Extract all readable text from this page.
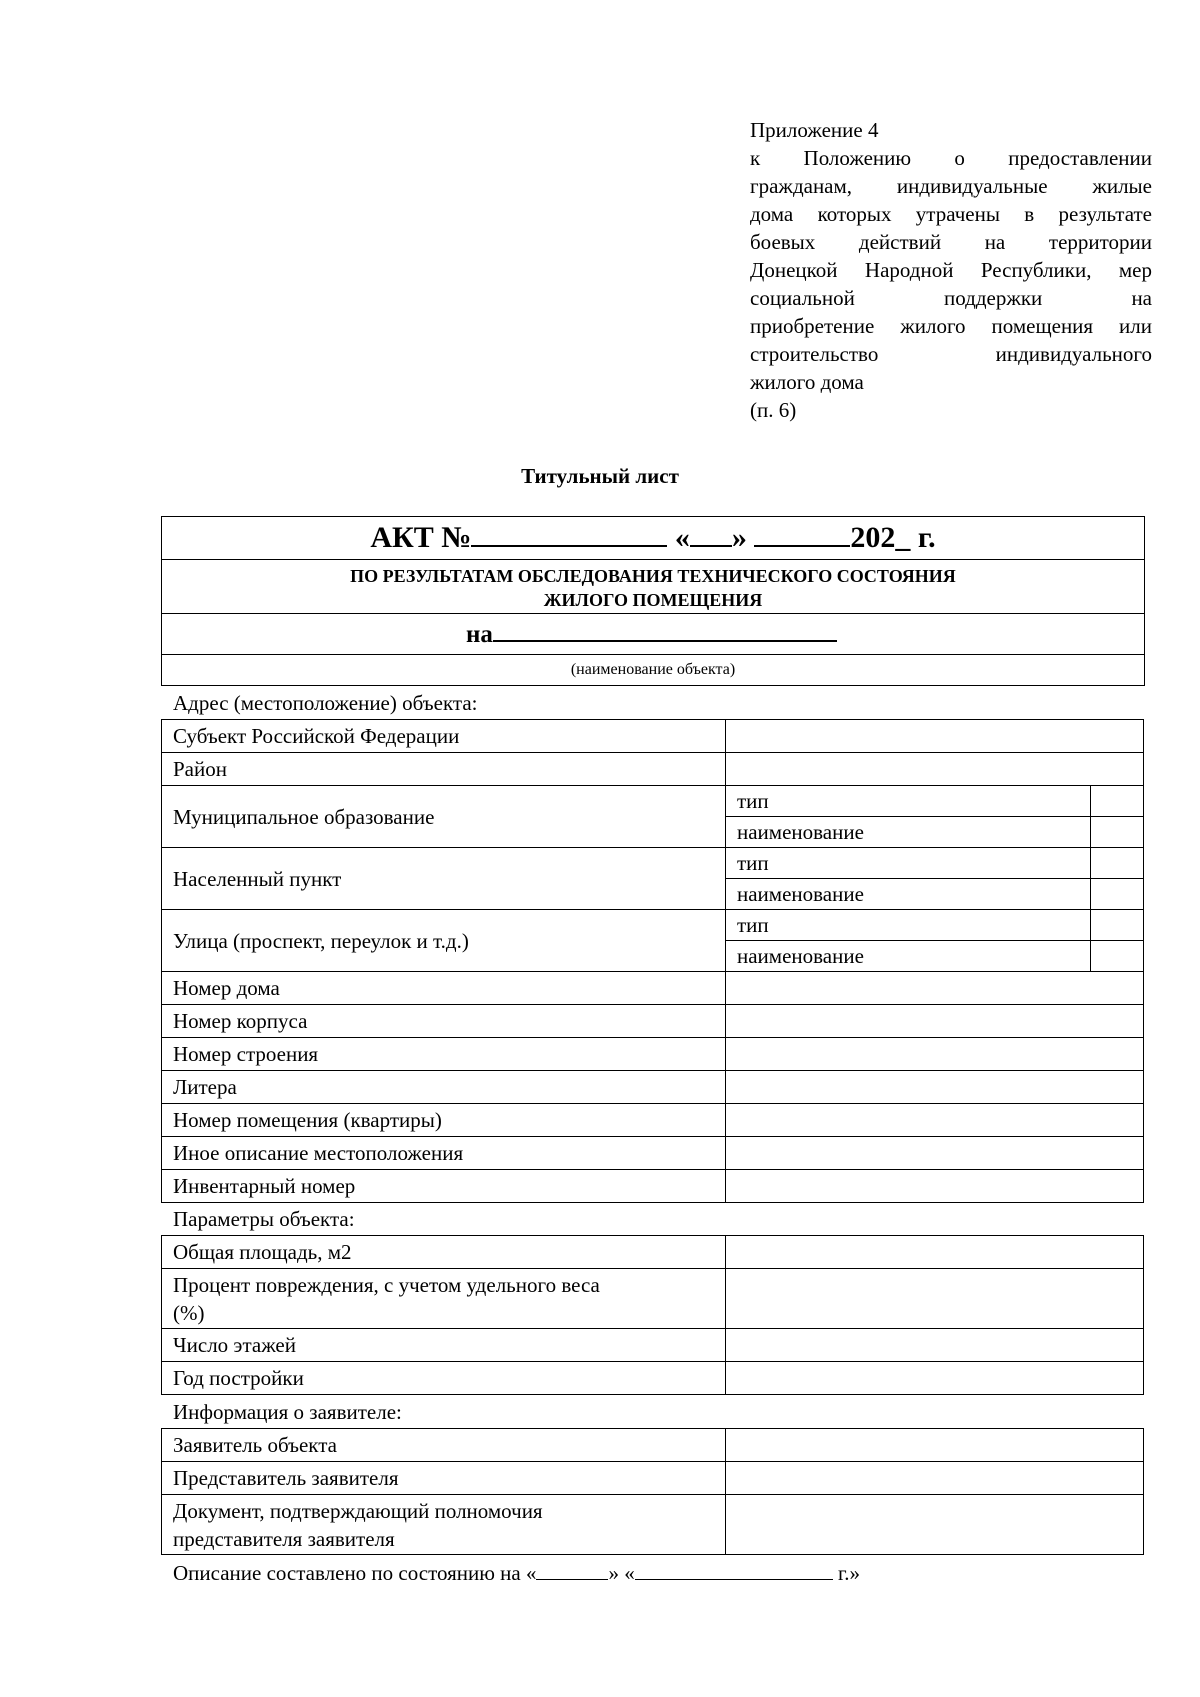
Приложение 4
к Положению о предоставлении
гражданам, индивидуальные жилые
дома которых утрачены в результате
боевых действий на территории
Донецкой Народной Республики, мер
социальной поддержки на
приобретение жилого помещения или
строительство индивидуального
жилого дома
(п. 6)
Титульный лист
АКТ №	« »	202_ г.
ПО РЕЗУЛЬТАТАМ ОБСЛЕДОВАНИЯ ТЕХНИЧЕСКОГО СОСТОЯНИЯ
ЖИЛОГО ПОМЕЩЕНИЯ
на
(наименование объекта)
Адрес (местоположение) объекта:
Субъект Российской Федерации		
Район		
Муниципальное образование	тип	
	наименование	
Населенный пункт	тип	
	наименование	
Улица (проспект, переулок и т.д.)	тип	
	наименование	
Номер дома		
Номер корпуса		
Номер строения		
Литера		
Номер помещения (квартиры)		
Иное описание местоположения		
Инвентарный номер		
Параметры объекта:
Общая площадь, м2	

Процент повреждения, с учетом удельного веса
(%)	

Число этажей	
Год постройки	
Информация о заявителе:
Заявитель объекта	
Представитель заявителя	

Документ, подтверждающий полномочия
представителя заявителя	

Описание составлено по состоянию на «	» «	г.»
